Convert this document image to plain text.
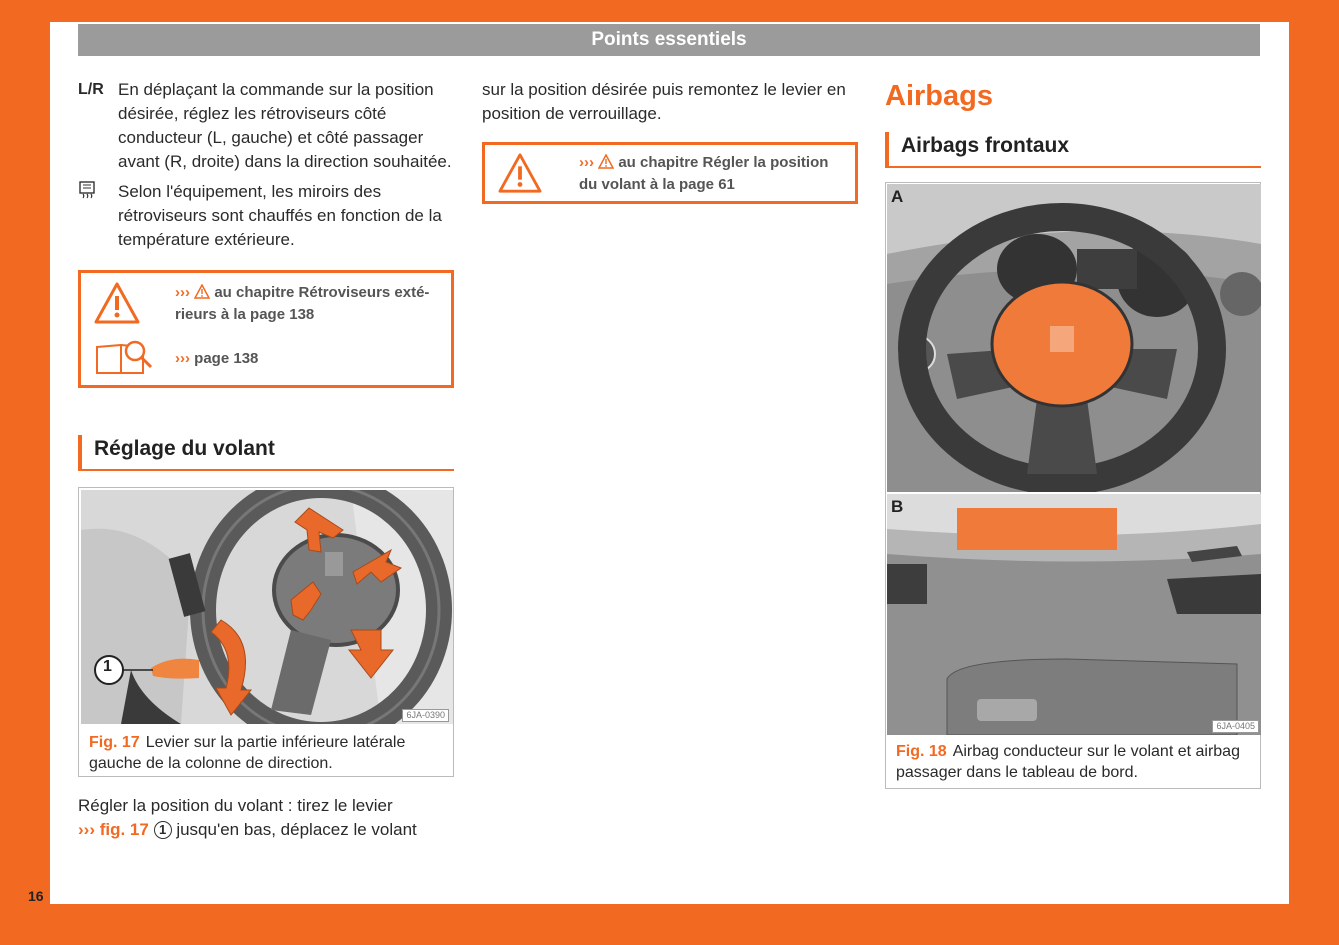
Points essentiels
16
L/R En déplaçant la commande sur la position désirée, réglez les rétroviseurs côté conducteur (L, gauche) et côté passager avant (R, droite) dans la direction souhaitée.
Selon l'équipement, les miroirs des rétroviseurs sont chauffés en fonction de la température extérieure.
››› au chapitre Rétroviseurs exté-
rieurs à la page 138
››› page 138
Réglage du volant
1
6JA-0390
Fig. 17 Levier sur la partie inférieure latérale gauche de la colonne de direction.
Régler la position du volant : tirez le levier
››› fig. 17 1 jusqu'en bas, déplacez le volant
sur la position désirée puis remontez le levier en position de verrouillage.
››› au chapitre Régler la position
du volant à la page 61
Airbags
Airbags frontaux
A
B
6JA-0405
Fig. 18 Airbag conducteur sur le volant et airbag passager dans le tableau de bord.
